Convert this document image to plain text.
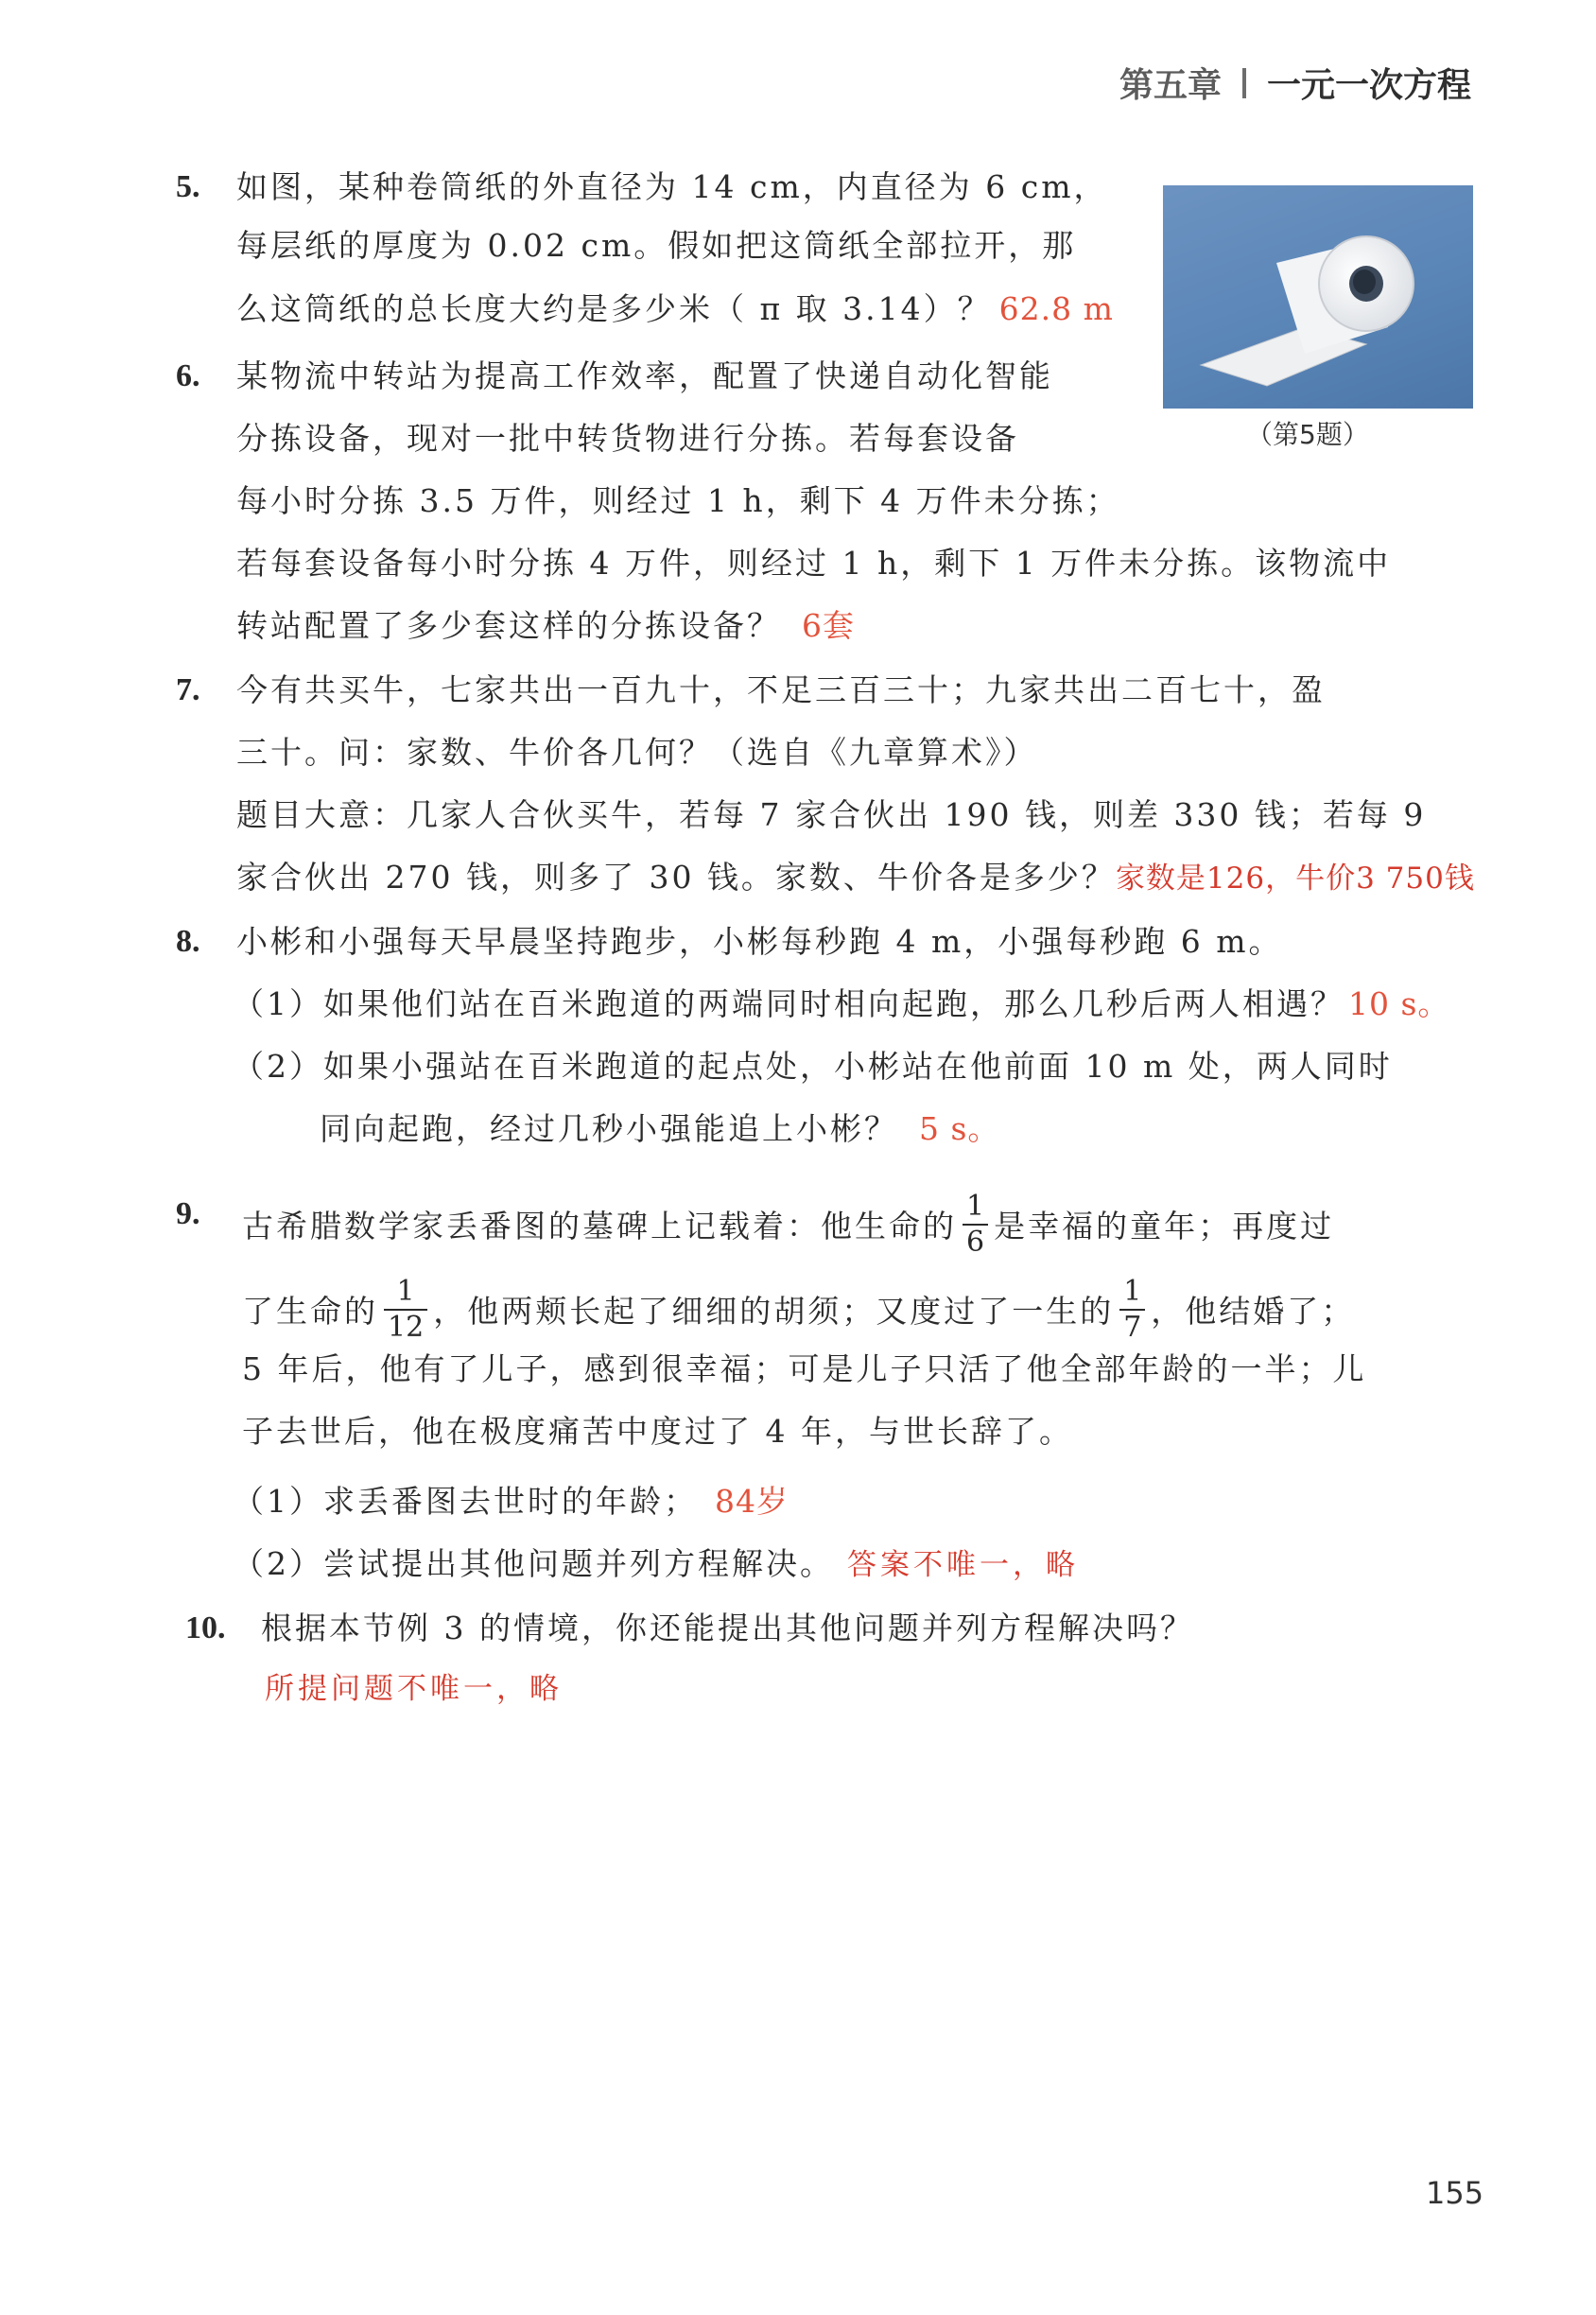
第五章 一元一次方程
5. 如图，某种卷筒纸的外直径为 14 cm，内直径为 6 cm，
每层纸的厚度为 0.02 cm。假如把这筒纸全部拉开，那
么这筒纸的总长度大约是多少米（ π 取 3.14）？ 62.8 m
（第5题）
6. 某物流中转站为提高工作效率，配置了快递自动化智能
分拣设备，现对一批中转货物进行分拣。若每套设备
每小时分拣 3.5 万件，则经过 1 h，剩下 4 万件未分拣；
若每套设备每小时分拣 4 万件，则经过 1 h，剩下 1 万件未分拣。该物流中
转站配置了多少套这样的分拣设备？ 6套
7. 今有共买牛，七家共出一百九十，不足三百三十；九家共出二百七十，盈
三十。问：家数、牛价各几何？（选自《九章算术》）
题目大意：几家人合伙买牛，若每 7 家合伙出 190 钱，则差 330 钱；若每 9
家合伙出 270 钱，则多了 30 钱。家数、牛价各是多少？家数是126，牛价3 750钱
8. 小彬和小强每天早晨坚持跑步，小彬每秒跑 4 m，小强每秒跑 6 m。
（1）如果他们站在百米跑道的两端同时相向起跑，那么几秒后两人相遇？ 10 s。
（2）如果小强站在百米跑道的起点处，小彬站在他前面 10 m 处，两人同时
同向起跑，经过几秒小强能追上小彬？ 5 s。
9. 古希腊数学家丢番图的墓碑上记载着：他生命的 $\frac{1}{6}$ 是幸福的童年；再度过
了生命的 $\frac{1}{12}$ ，他两颊长起了细细的胡须；又度过了一生的 $\frac{1}{7}$ ，他结婚了；
5 年后，他有了儿子，感到很幸福；可是儿子只活了他全部年龄的一半；儿
子去世后，他在极度痛苦中度过了 4 年，与世长辞了。
（1）求丢番图去世时的年龄； 84岁
（2）尝试提出其他问题并列方程解决。 答案不唯一，略
10. 根据本节例 3 的情境，你还能提出其他问题并列方程解决吗？
所提问题不唯一，略
155
